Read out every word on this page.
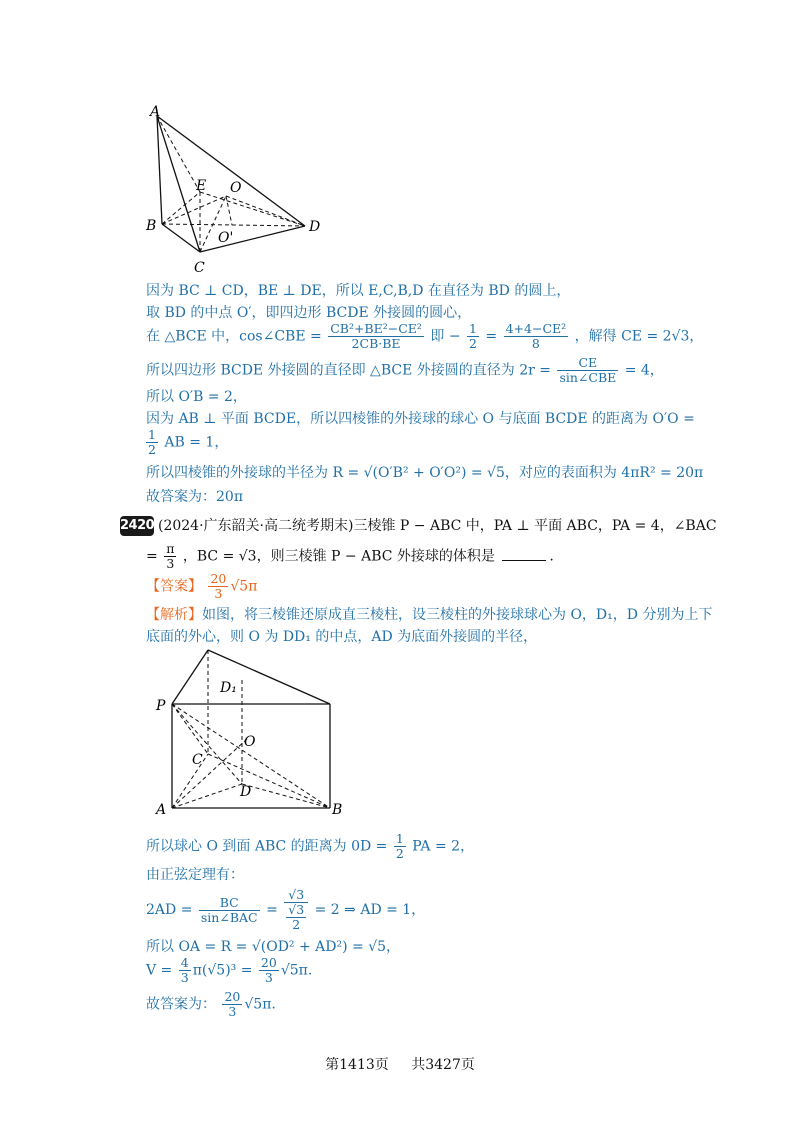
A
E O
B	D
O'
C
因为 BC ⊥ CD，BE ⊥ DE，所以 E,C,B,D 在直径为 BD 的圆上，
取 BD 的中点 O′，即四边形 BCDE 外接圆的圆心，
在 △BCE 中，cos∠CBE = $\frac{\text{CB²+BE²−CE²}}{2CB\cdot BE}$ 即 − $\frac{1}{2} = \frac{\text{4+4−CE²}}{8}$ ，解得 CE = 2√3，
所以四边形 BCDE 外接圆的直径即 △BCE 外接圆的直径为 $2r = \frac{CE}{\text{sin∠CBE}} = 4$，
所以 O′B = 2，
因为 AB ⊥ 平面 BCDE，所以四棱锥的外接球的球心 O 与底面 BCDE 的距离为 O′O =
$\frac{1}{2}$ AB = 1，
所以四棱锥的外接球的半径为 R = √(O′B² + O′O²) = √5，对应的表面积为 4πR² = 20π
故答案为：20π
2420 (2024·广东韶关·高二统考期末)三棱锥 P − ABC 中，PA ⊥ 平面 ABC，PA = 4，∠BAC
= $\frac{\pi}{3}$ ，BC = √3，则三棱锥 P − ABC 外接球的体积是	.
【答案】 $\frac{20}{3} √5\pi$
【解析】如图，将三棱锥还原成直三棱柱，设三棱柱的外接球球心为 O，D₁，D 分别为上下
底面的外心，则 O 为 DD₁ 的中点，AD 为底面外接圆的半径，
D₁
P
O
C
D
A	B
所以球心 O 到面 ABC 的距离为 $0D = \frac{1}{2}$ PA = 2，
由正弦定理有：
$2AD = \frac{BC}{\text{sin∠BAC}} = \frac{√3}{\frac{√3}{2}} = 2$ ⇒ AD = 1，
所以 OA = R = √(OD² + AD²) = √5，
$V = \frac{4}{3} \pi(√5)^3 = \frac{20}{3} √5\pi$.
故答案为： $\frac{20}{3} √5\pi$.
第1413页 共3427页
